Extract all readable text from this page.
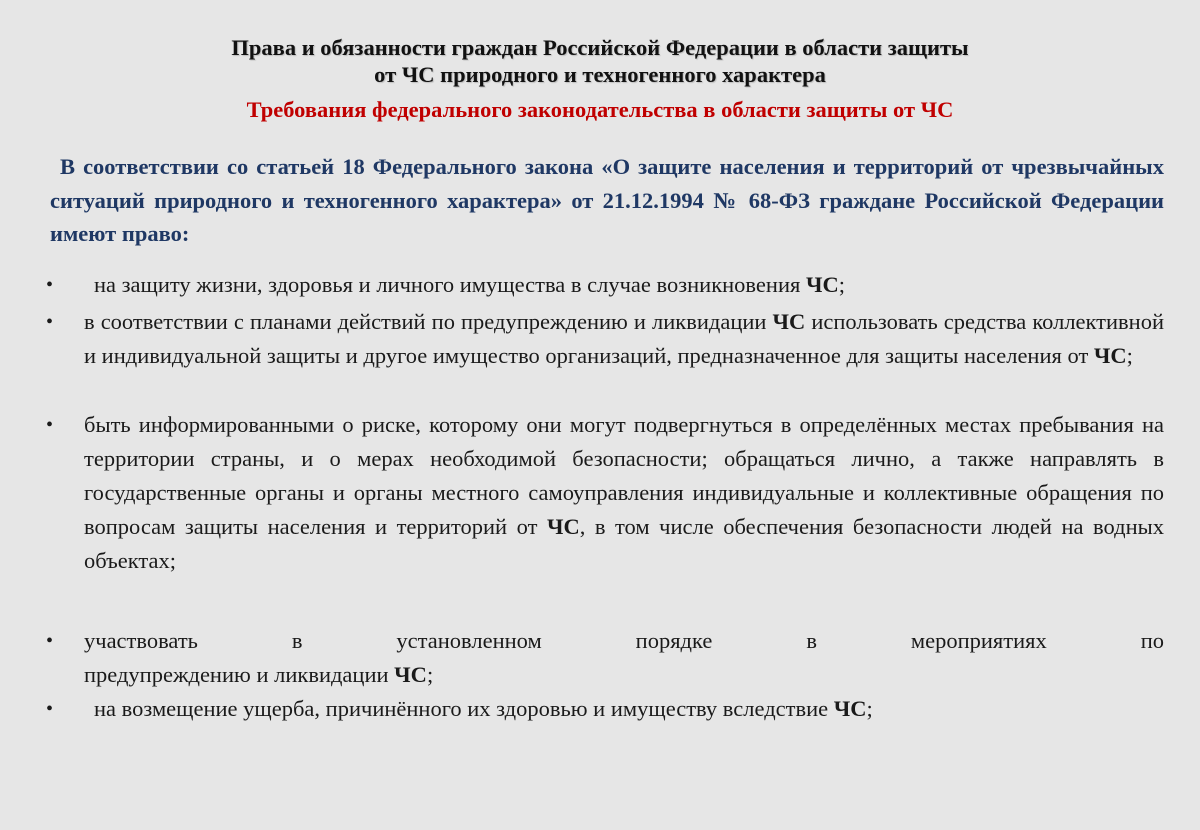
Права и обязанности граждан Российской Федерации в области защиты
от ЧС природного и техногенного характера
Требования федерального законодательства в области защиты от ЧС
В соответствии со статьей 18 Федерального закона «О защите населения и территорий от чрезвычайных ситуаций природного и техногенного характера» от 21.12.1994 № 68-ФЗ граждане Российской Федерации имеют право:
•	на защиту жизни, здоровья и личного имущества в случае возникновения ЧС;
•	в соответствии с планами действий по предупреждению и ликвидации ЧС использовать средства коллективной и индивидуальной защиты и другое имущество организаций, предназначенное для защиты населения от ЧС;
•	быть информированными о риске, которому они могут подвергнуться в определённых местах пребывания на территории страны, и о мерах необходимой безопасности; обращаться лично, а также направлять в государственные органы и органы местного самоуправления индивидуальные и коллективные обращения по вопросам защиты населения и территорий от ЧС, в том числе обеспечения безопасности людей на водных объектах;
•	участвовать	в	установленном	порядке	в	мероприятиях	по
предупреждению и ликвидации ЧС;
•	на возмещение ущерба, причинённого их здоровью и имуществу вследствие ЧС;
